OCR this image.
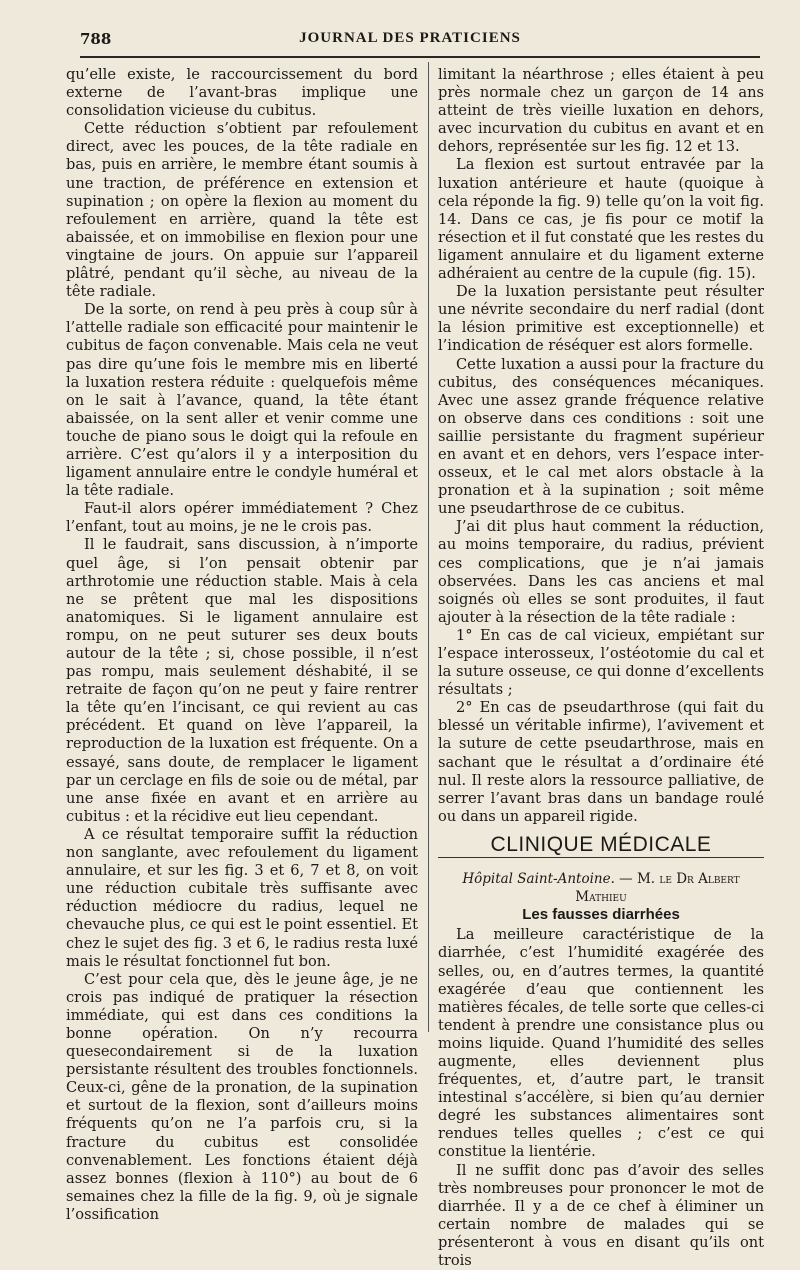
788	JOURNAL DES PRATICIENS

qu’elle existe, le raccourcissement du bord externe de l’avant-bras implique une consolidation vicieuse du cubitus.

Cette réduction s’obtient par refoulement direct, avec les pouces, de la tête radiale en bas, puis en arrière, le membre étant soumis à une traction, de préférence en extension et supination ; on opère la flexion au moment du refoulement en arrière, quand la tête est abaissée, et on immobilise en flexion pour une vingtaine de jours. On appuie sur l’appareil plâtré, pendant qu’il sèche, au niveau de la tête radiale.

De la sorte, on rend à peu près à coup sûr à l’attelle radiale son efficacité pour maintenir le cubitus de façon convenable. Mais cela ne veut pas dire qu’une fois le membre mis en liberté la luxation restera réduite : quelquefois même on le sait à l’avance, quand, la tête étant abaissée, on la sent aller et venir comme une touche de piano sous le doigt qui la refoule en arrière. C’est qu’alors il y a interposition du ligament annulaire entre le condyle huméral et la tête radiale.

Faut-il alors opérer immédiatement ? Chez l’enfant, tout au moins, je ne le crois pas.

Il le faudrait, sans discussion, à n’importe quel âge, si l’on pensait obtenir par arthrotomie une réduction stable. Mais à cela ne se prêtent que mal les dispositions anatomiques. Si le ligament annulaire est rompu, on ne peut suturer ses deux bouts autour de la tête ; si, chose possible, il n’est pas rompu, mais seulement déshabité, il se retraite de façon qu’on ne peut y faire rentrer la tête qu’en l’incisant, ce qui revient au cas précédent. Et quand on lève l’appareil, la reproduction de la luxation est fréquente. On a essayé, sans doute, de remplacer le ligament par un cerclage en fils de soie ou de métal, par une anse fixée en avant et en arrière au cubitus : et la récidive eut lieu cependant.

A ce résultat temporaire suffit la réduction non sanglante, avec refoulement du ligament annulaire, et sur les fig. 3 et 6, 7 et 8, on voit une réduction cubitale très suffisante avec réduction médiocre du radius, lequel ne chevauche plus, ce qui est le point essentiel. Et chez le sujet des fig. 3 et 6, le radius resta luxé mais le résultat fonctionnel fut bon.

C’est pour cela que, dès le jeune âge, je ne crois pas indiqué de pratiquer la résection immédiate, qui est dans ces conditions la bonne opération. On n’y recourra quesecondairement si de la luxation persistante résultent des troubles fonctionnels. Ceux-ci, gêne de la pronation, de la supination et surtout de la flexion, sont d’ailleurs moins fréquents qu’on ne l’a parfois cru, si la fracture du cubitus est consolidée convenablement. Les fonctions étaient déjà assez bonnes (flexion à 110°) au bout de 6 semaines chez la fille de la fig. 9, où je signale l’ossification

limitant la néarthrose ; elles étaient à peu près normale chez un garçon de 14 ans atteint de très vieille luxation en dehors, avec incurvation du cubitus en avant et en dehors, représentée sur les fig. 12 et 13.

La flexion est surtout entravée par la luxation antérieure et haute (quoique à cela réponde la fig. 9) telle qu’on la voit fig. 14. Dans ce cas, je fis pour ce motif la résection et il fut constaté que les restes du ligament annulaire et du ligament externe adhéraient au centre de la cupule (fig. 15).

De la luxation persistante peut résulter une névrite secondaire du nerf radial (dont la lésion primitive est exceptionnelle) et l’indication de réséquer est alors formelle.

Cette luxation a aussi pour la fracture du cubitus, des conséquences mécaniques. Avec une assez grande fréquence relative on observe dans ces conditions : soit une saillie persistante du fragment supérieur en avant et en dehors, vers l’espace inter-osseux, et le cal met alors obstacle à la pronation et à la supination ; soit même une pseudarthrose de ce cubitus.

J’ai dit plus haut comment la réduction, au moins temporaire, du radius, prévient ces complications, que je n’ai jamais observées. Dans les cas anciens et mal soignés où elles se sont produites, il faut ajouter à la résection de la tête radiale :

1° En cas de cal vicieux, empiétant sur l’espace interosseux, l’ostéotomie du cal et la suture osseuse, ce qui donne d’excellents résultats ;

2° En cas de pseudarthrose (qui fait du blessé un véritable infirme), l’avivement et la suture de cette pseudarthrose, mais en sachant que le résultat a d’ordinaire été nul. Il reste alors la ressource palliative, de serrer l’avant bras dans un bandage roulé ou dans un appareil rigide.

CLINIQUE MÉDICALE

Hôpital Saint-Antoine. — M. le Dr Albert Mathieu

Les fausses diarrhées

La meilleure caractéristique de la diarrhée, c’est l’humidité exagérée des selles, ou, en d’autres termes, la quantité exagérée d’eau que contiennent les matières fécales, de telle sorte que celles-ci tendent à prendre une consistance plus ou moins liquide. Quand l’humidité des selles augmente, elles deviennent plus fréquentes, et, d’autre part, le transit intestinal s’accélère, si bien qu’au dernier degré les substances alimentaires sont rendues telles quelles ; c’est ce qui constitue la lientérie.

Il ne suffit donc pas d’avoir des selles très nombreuses pour prononcer le mot de diarrhée. Il y a de ce chef à éliminer un certain nombre de malades qui se présenteront à vous en disant qu’ils ont trois
